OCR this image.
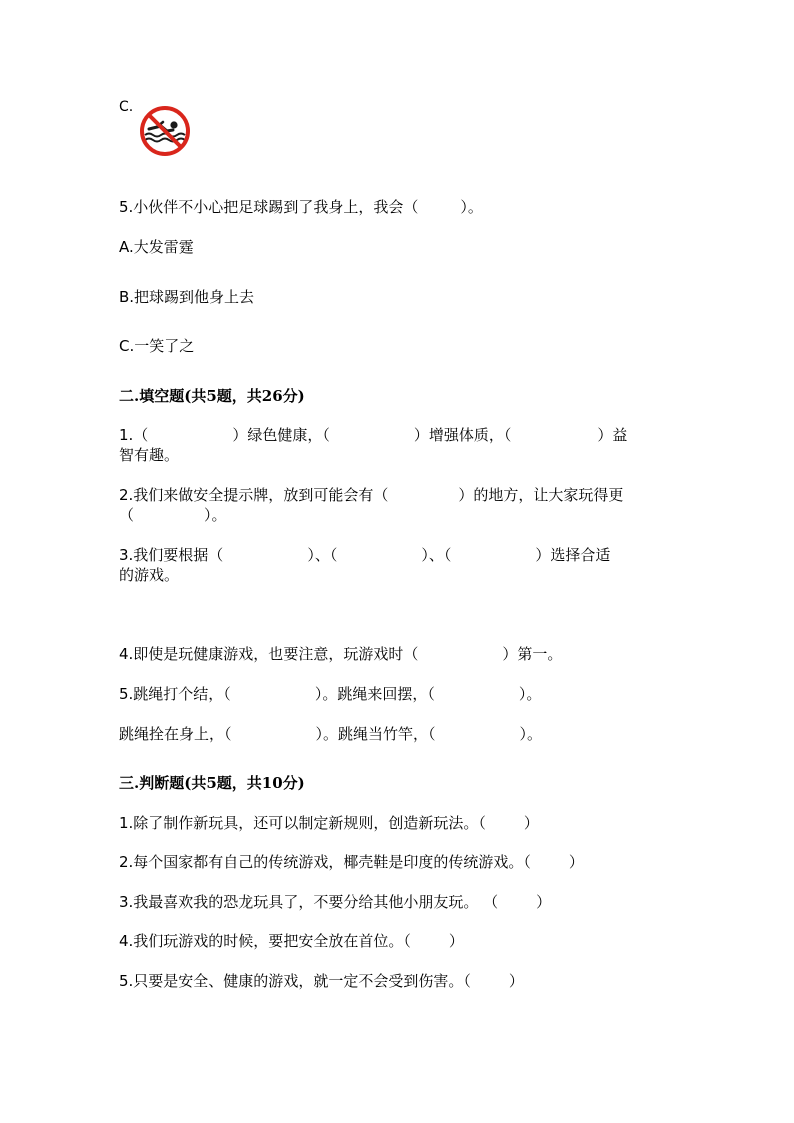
C.
5.小伙伴不小心把足球踢到了我身上，我会（	）。
A.大发雷霆
B.把球踢到他身上去
C.一笑了之
二.填空题(共5题，共26分)
1.（	）绿色健康，（	）增强体质，（	）益
智有趣。
2.我们来做安全提示牌，放到可能会有（	）的地方，让大家玩得更
（	）。
3.我们要根据（	）、（	）、（	）选择合适
的游戏。
4.即使是玩健康游戏，也要注意，玩游戏时（	）第一。
5.跳绳打个结，（	）。跳绳来回摆，（	）。
跳绳拴在身上，（	）。跳绳当竹竿，（	）。
三.判断题(共5题，共10分)
1.除了制作新玩具，还可以制定新规则，创造新玩法。（	）
2.每个国家都有自己的传统游戏，椰壳鞋是印度的传统游戏。（	）
3.我最喜欢我的恐龙玩具了，不要分给其他小朋友玩。 （	）
4.我们玩游戏的时候，要把安全放在首位。（	）
5.只要是安全、健康的游戏，就一定不会受到伤害。（	）
